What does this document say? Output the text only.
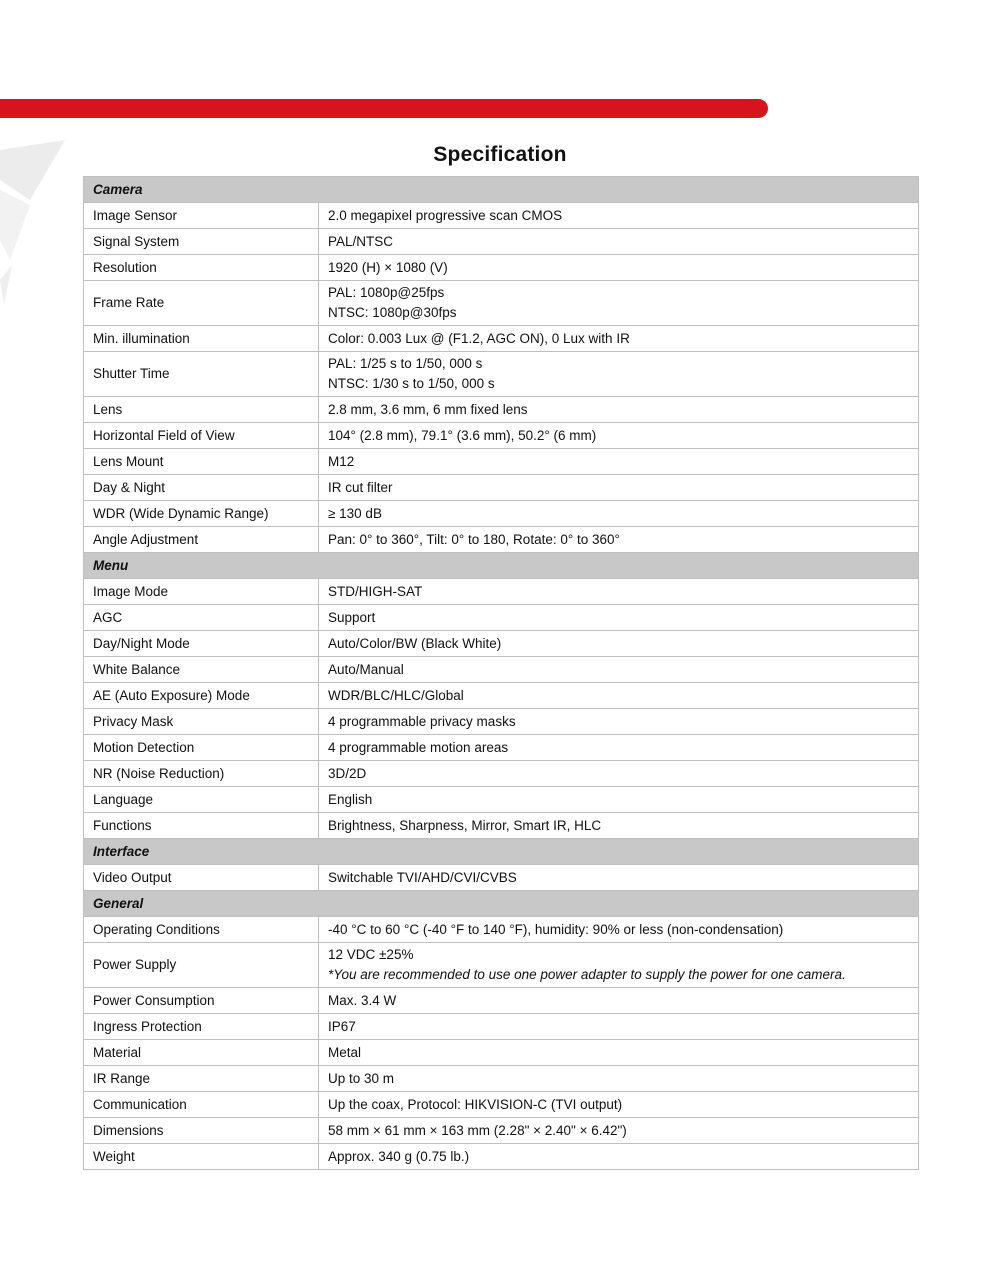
Specification
Camera	
Image Sensor	2.0 megapixel progressive scan CMOS

Signal System	PAL/NTSC

Resolution	1920 (H) × 1080 (V)

Frame Rate	PAL: 1080p@25fps
NTSC: 1080p@30fps

Min. illumination	Color: 0.003 Lux @ (F1.2, AGC ON), 0 Lux with IR

Shutter Time	PAL: 1/25 s to 1/50, 000 s
NTSC: 1/30 s to 1/50, 000 s

Lens	2.8 mm, 3.6 mm, 6 mm fixed lens

Horizontal Field of View	104° (2.8 mm), 79.1° (3.6 mm), 50.2° (6 mm)

Lens Mount	M12

Day & Night	IR cut filter

WDR (Wide Dynamic Range)	≥ 130 dB

Angle Adjustment	Pan: 0° to 360°, Tilt: 0° to 180, Rotate: 0° to 360°

Menu	
Image Mode	STD/HIGH-SAT

AGC	Support

Day/Night Mode	Auto/Color/BW (Black White)

White Balance	Auto/Manual

AE (Auto Exposure) Mode	WDR/BLC/HLC/Global

Privacy Mask	4 programmable privacy masks

Motion Detection	4 programmable motion areas

NR (Noise Reduction)	3D/2D

Language	English

Functions	Brightness, Sharpness, Mirror, Smart IR, HLC

Interface	
Video Output	Switchable TVI/AHD/CVI/CVBS

General	
Operating Conditions	-40 °C to 60 °C (-40 °F to 140 °F), humidity: 90% or less (non-condensation)

Power Supply	12 VDC ±25%
*You are recommended to use one power adapter to supply the power for one camera.

Power Consumption	Max. 3.4 W

Ingress Protection	IP67

Material	Metal

IR Range	Up to 30 m

Communication	Up the coax, Protocol: HIKVISION-C (TVI output)

Dimensions	58 mm × 61 mm × 163 mm (2.28" × 2.40" × 6.42")

Weight	Approx. 340 g (0.75 lb.)
